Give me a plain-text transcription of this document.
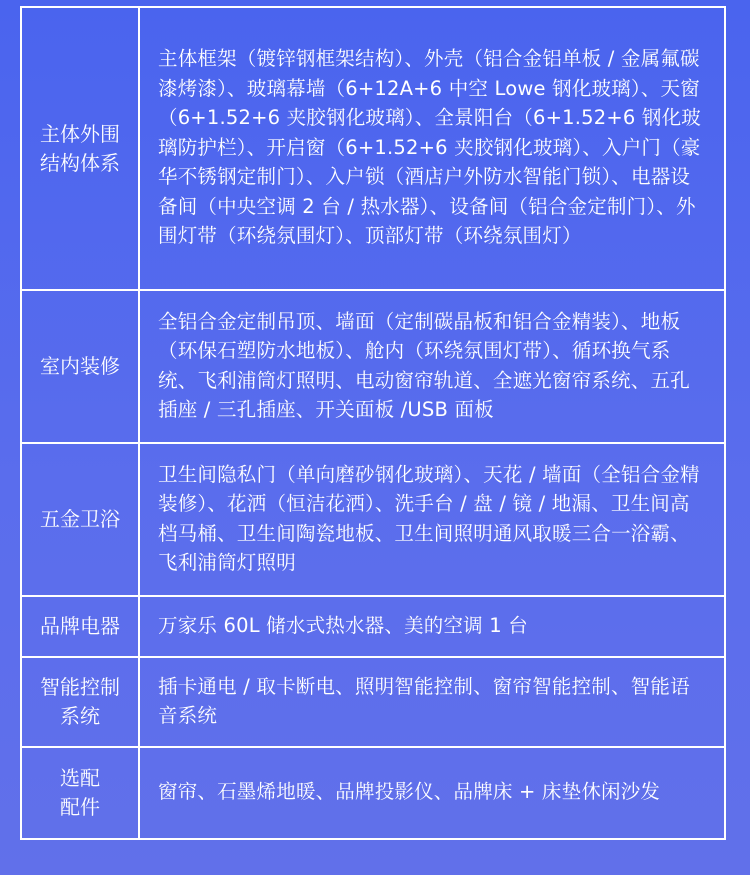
主体外围结构体系	主体框架（镀锌钢框架结构）、外壳（铝合金铝单板 / 金属氟碳漆烤漆）、玻璃幕墙（6+12A+6 中空 Lowe 钢化玻璃）、天窗（6+1.52+6 夹胶钢化玻璃）、全景阳台（6+1.52+6 钢化玻璃防护栏）、开启窗（6+1.52+6 夹胶钢化玻璃）、入户门（豪华不锈钢定制门）、入户锁（酒店户外防水智能门锁）、电器设备间（中央空调 2 台 / 热水器）、设备间（铝合金定制门）、外围灯带（环绕氛围灯）、顶部灯带（环绕氛围灯）
室内装修	全铝合金定制吊顶、墙面（定制碳晶板和铝合金精装）、地板（环保石塑防水地板）、舱内（环绕氛围灯带）、循环换气系统、飞利浦筒灯照明、电动窗帘轨道、全遮光窗帘系统、五孔插座 / 三孔插座、开关面板 /USB 面板
五金卫浴	卫生间隐私门（单向磨砂钢化玻璃）、天花 / 墙面（全铝合金精装修）、花洒（恒洁花洒）、洗手台 / 盘 / 镜 / 地漏、卫生间高档马桶、卫生间陶瓷地板、卫生间照明通风取暖三合一浴霸、飞利浦筒灯照明
品牌电器	万家乐 60L 储水式热水器、美的空调 1 台
智能控制系统	插卡通电 / 取卡断电、照明智能控制、窗帘智能控制、智能语音系统
选配配件	窗帘、石墨烯地暖、品牌投影仪、品牌床 + 床垫休闲沙发
